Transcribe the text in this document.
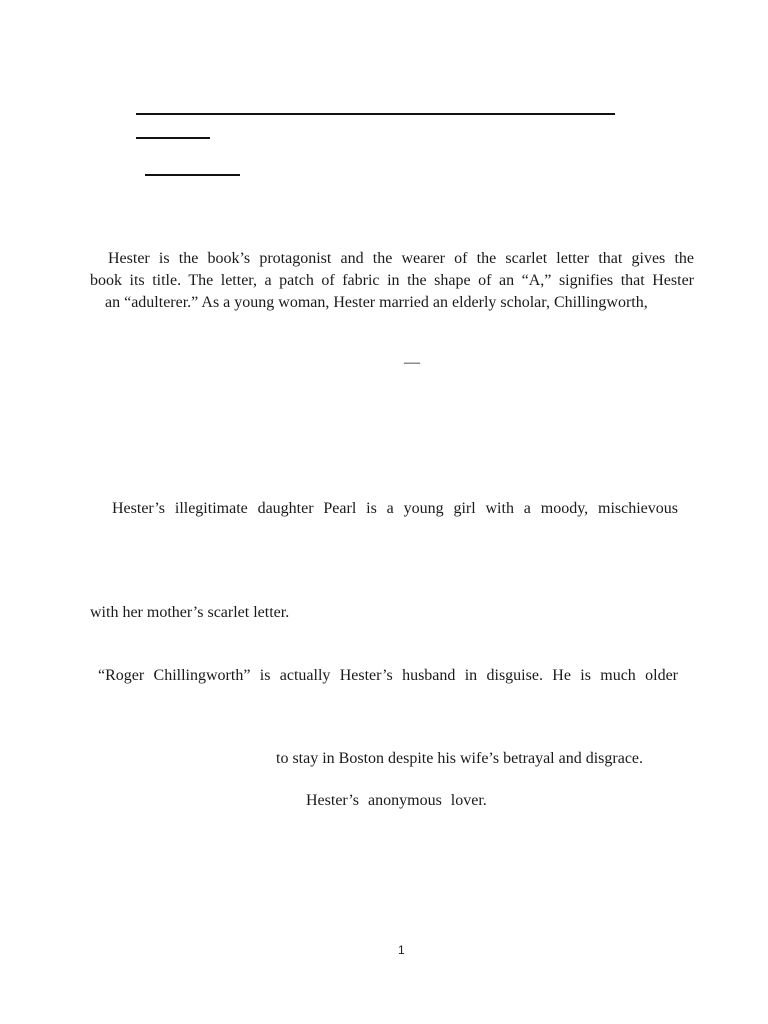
Hester is the book’s protagonist and the wearer of the scarlet letter that gives the
book its title. The letter, a patch of fabric in the shape of an “A,” signifies that Hester
an “adulterer.” As a young woman, Hester married an elderly scholar, Chillingworth,
—
Hester’s illegitimate daughter Pearl is a young girl with a moody, mischievous
with her mother’s scarlet letter.
“Roger Chillingworth” is actually Hester’s husband in disguise. He is much older
to stay in Boston despite his wife’s betrayal and disgrace.
Hester’s anonymous lover.
1
